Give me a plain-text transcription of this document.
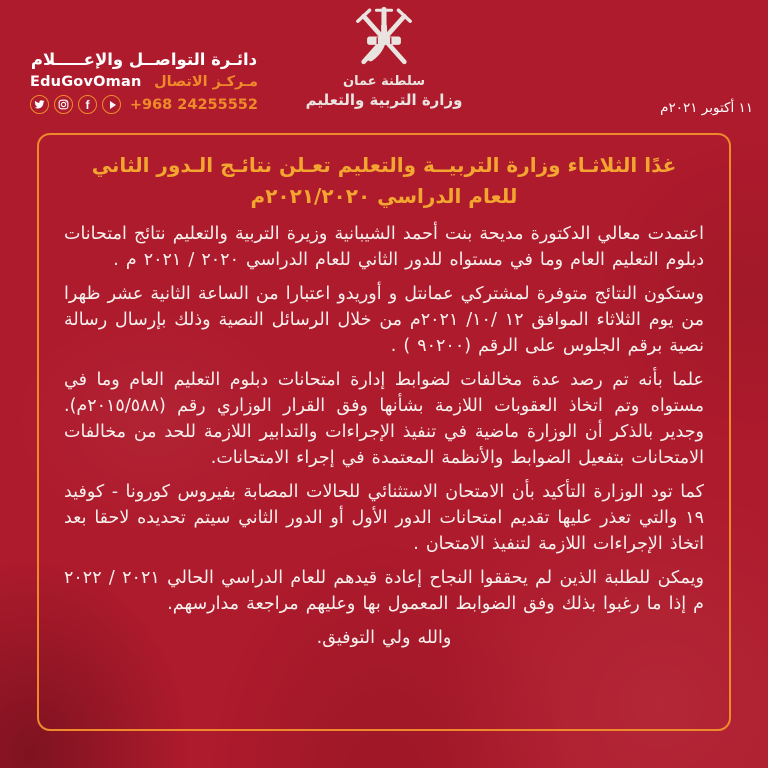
دائـرة التواصــل والإعـــــلام
مـركـز الاتصال
EduGovOman
+968 24255552
f
سلطنة عمان
وزارة التربية والتعليم	١١ أكتوبر ٢٠٢١م
غدًا الثلاثـاء وزارة التربيــة والتعليم تعـلن نتائـج الـدور الثاني
للعام الدراسي ٢٠٢١/٢٠٢٠م

اعتمدت معالي الدكتورة مديحة بنت أحمد الشيبانية وزيرة التربية والتعليم نتائج امتحانات دبلوم التعليم العام وما في مستواه للدور الثاني للعام الدراسي ٢٠٢٠ / ٢٠٢١ م .

وستكون النتائج متوفرة لمشتركي عمانتل و أوريدو اعتبارا من الساعة الثانية عشر ظهرا من يوم الثلاثاء الموافق ١٢ /١٠/ ٢٠٢١م من خلال الرسائل النصية وذلك بإرسال رسالة نصية برقم الجلوس على الرقم (٩٠٢٠٠ ) .

علما بأنه تم رصد عدة مخالفات لضوابط إدارة امتحانات دبلوم التعليم العام وما في مستواه وتم اتخاذ العقوبات اللازمة بشأنها وفق القرار الوزاري رقم (٢٠١٥/٥٨٨م). وجدير بالذكر أن الوزارة ماضية في تنفيذ الإجراءات والتدابير اللازمة للحد من مخالفات الامتحانات بتفعيل الضوابط والأنظمة المعتمدة في إجراء الامتحانات.

كما تود الوزارة التأكيد بأن الامتحان الاستثنائي للحالات المصابة بفيروس كورونا - كوفيد ١٩ والتي تعذر عليها تقديم امتحانات الدور الأول أو الدور الثاني سيتم تحديده لاحقا بعد اتخاذ الإجراءات اللازمة لتنفيذ الامتحان .

ويمكن للطلبة الذين لم يحققوا النجاح إعادة قيدهم للعام الدراسي الحالي ٢٠٢١ / ٢٠٢٢ م إذا ما رغبوا بذلك وفق الضوابط المعمول بها وعليهم مراجعة مدارسهم.

والله ولي التوفيق.
